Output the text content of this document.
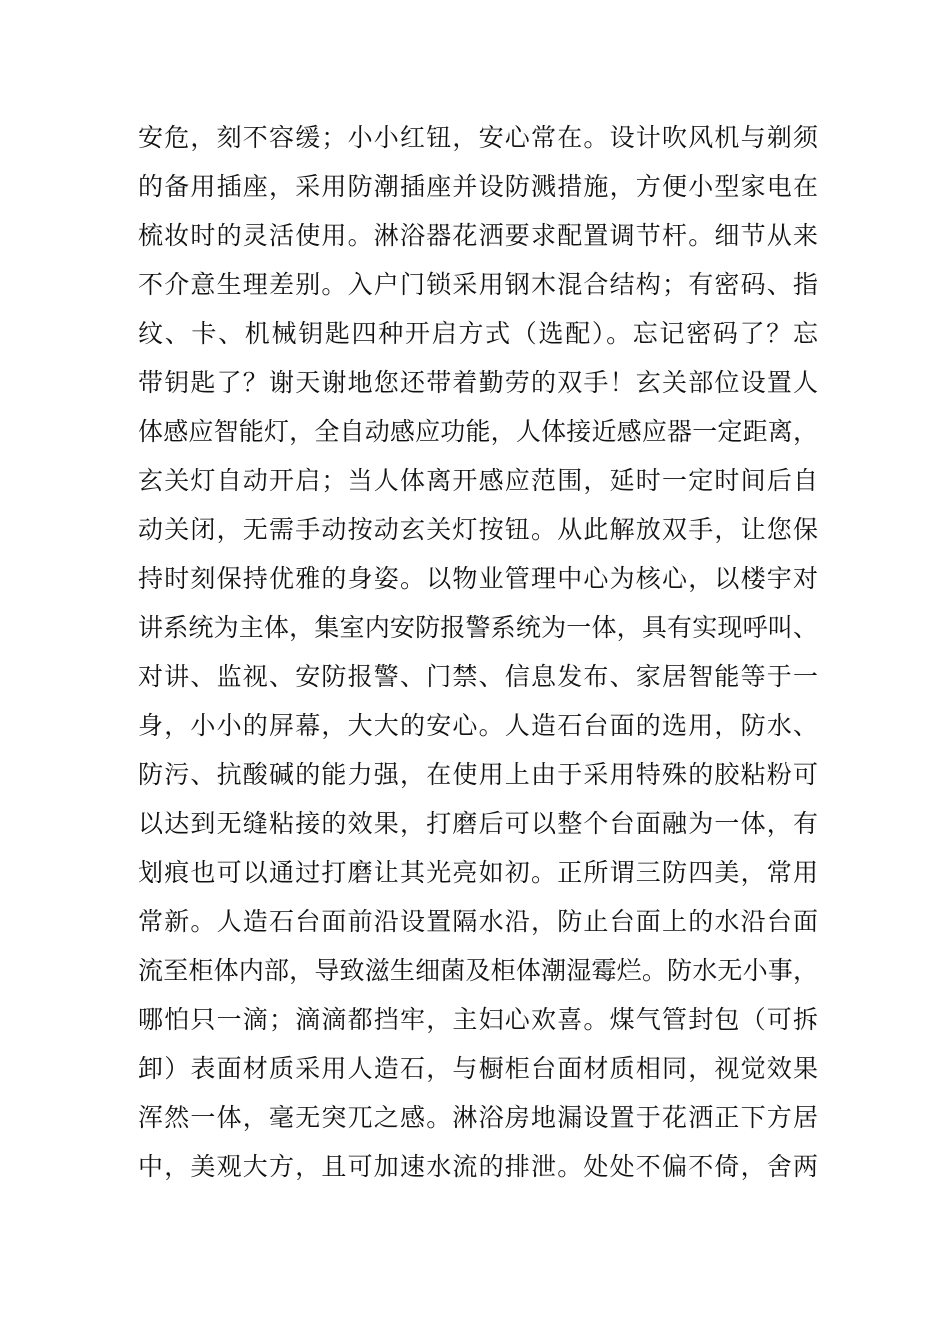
安危，刻不容缓；小小红钮，安心常在。设计吹风机与剃须
的备用插座，采用防潮插座并设防溅措施，方便小型家电在
梳妆时的灵活使用。淋浴器花洒要求配置调节杆。细节从来
不介意生理差别。入户门锁采用钢木混合结构；有密码、指
纹、卡、机械钥匙四种开启方式（选配）。忘记密码了？忘
带钥匙了？谢天谢地您还带着勤劳的双手！玄关部位设置人
体感应智能灯，全自动感应功能，人体接近感应器一定距离，
玄关灯自动开启；当人体离开感应范围，延时一定时间后自
动关闭，无需手动按动玄关灯按钮。从此解放双手，让您保
持时刻保持优雅的身姿。以物业管理中心为核心，以楼宇对
讲系统为主体，集室内安防报警系统为一体，具有实现呼叫、
对讲、监视、安防报警、门禁、信息发布、家居智能等于一
身，小小的屏幕，大大的安心。人造石台面的选用，防水、
防污、抗酸碱的能力强，在使用上由于采用特殊的胶粘粉可
以达到无缝粘接的效果，打磨后可以整个台面融为一体，有
划痕也可以通过打磨让其光亮如初。正所谓三防四美，常用
常新。人造石台面前沿设置隔水沿，防止台面上的水沿台面
流至柜体内部，导致滋生细菌及柜体潮湿霉烂。防水无小事，
哪怕只一滴；滴滴都挡牢，主妇心欢喜。煤气管封包（可拆
卸）表面材质采用人造石，与橱柜台面材质相同，视觉效果
浑然一体，毫无突兀之感。淋浴房地漏设置于花洒正下方居
中，美观大方，且可加速水流的排泄。处处不偏不倚，舍两
